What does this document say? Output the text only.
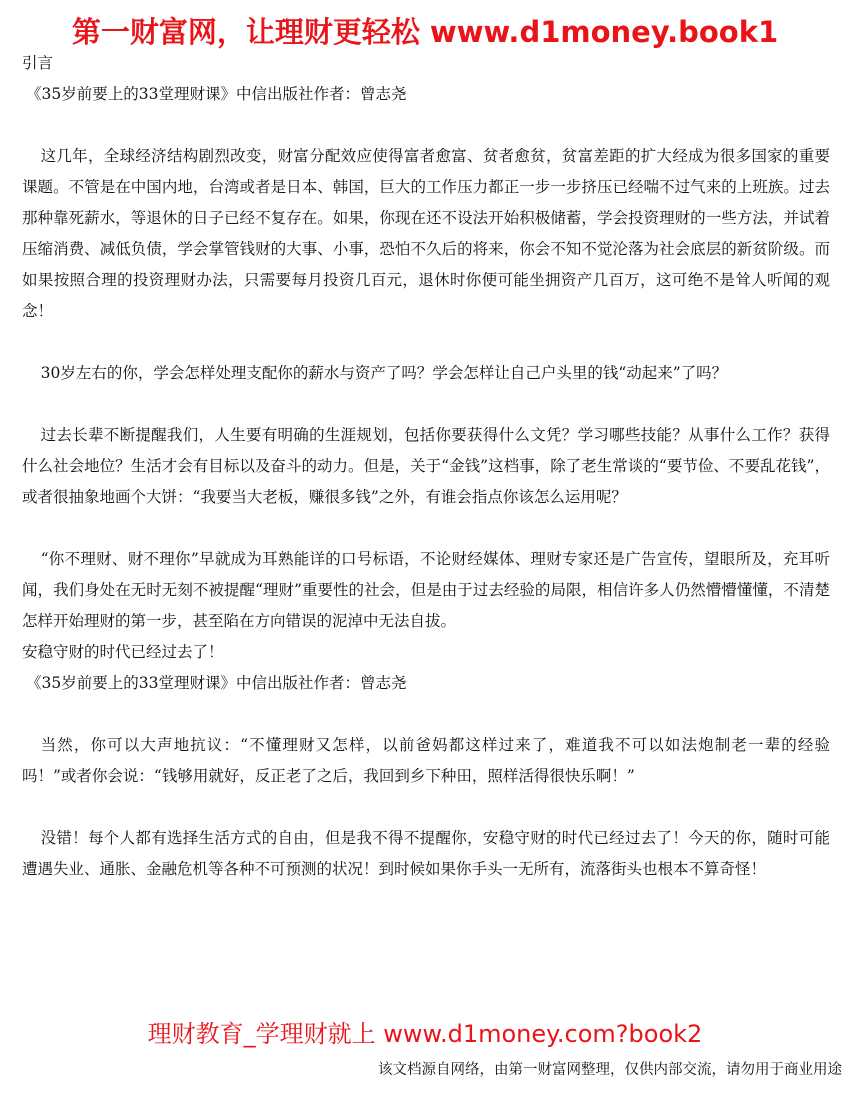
第一财富网，让理财更轻松 www.d1money.book1
引言
《35岁前要上的33堂理财课》中信出版社作者：曾志尧

这几年，全球经济结构剧烈改变，财富分配效应使得富者愈富、贫者愈贫，贫富差距的扩大经成为很多国家的重要课题。不管是在中国内地，台湾或者是日本、韩国，巨大的工作压力都正一步一步挤压已经喘不过气来的上班族。过去那种靠死薪水，等退休的日子已经不复存在。如果，你现在还不设法开始积极储蓄，学会投资理财的一些方法，并试着压缩消费、减低负债，学会掌管钱财的大事、小事，恐怕不久后的将来，你会不知不觉沦落为社会底层的新贫阶级。而如果按照合理的投资理财办法，只需要每月投资几百元，退休时你便可能坐拥资产几百万，这可绝不是耸人听闻的观念！

30岁左右的你，学会怎样处理支配你的薪水与资产了吗？学会怎样让自己户头里的钱“动起来”了吗？

过去长辈不断提醒我们，人生要有明确的生涯规划，包括你要获得什么文凭？学习哪些技能？从事什么工作？获得什么社会地位？生活才会有目标以及奋斗的动力。但是，关于“金钱”这档事，除了老生常谈的“要节俭、不要乱花钱”，或者很抽象地画个大饼：“我要当大老板，赚很多钱”之外，有谁会指点你该怎么运用呢？

“你不理财、财不理你”早就成为耳熟能详的口号标语，不论财经媒体、理财专家还是广告宣传，望眼所及，充耳听闻，我们身处在无时无刻不被提醒“理财”重要性的社会，但是由于过去经验的局限，相信许多人仍然懵懵懂懂，不清楚怎样开始理财的第一步，甚至陷在方向错误的泥淖中无法自拔。

安稳守财的时代已经过去了！
《35岁前要上的33堂理财课》中信出版社作者：曾志尧

当然，你可以大声地抗议：“不懂理财又怎样，以前爸妈都这样过来了，难道我不可以如法炮制老一辈的经验吗！”或者你会说：“钱够用就好，反正老了之后，我回到乡下种田，照样活得很快乐啊！”

没错！每个人都有选择生活方式的自由，但是我不得不提醒你，安稳守财的时代已经过去了！今天的你，随时可能遭遇失业、通胀、金融危机等各种不可预测的状况！到时候如果你手头一无所有，流落街头也根本不算奇怪！

理财教育_学理财就上 www.d1money.com?book2
该文档源自网络，由第一财富网整理，仅供内部交流，请勿用于商业用途
